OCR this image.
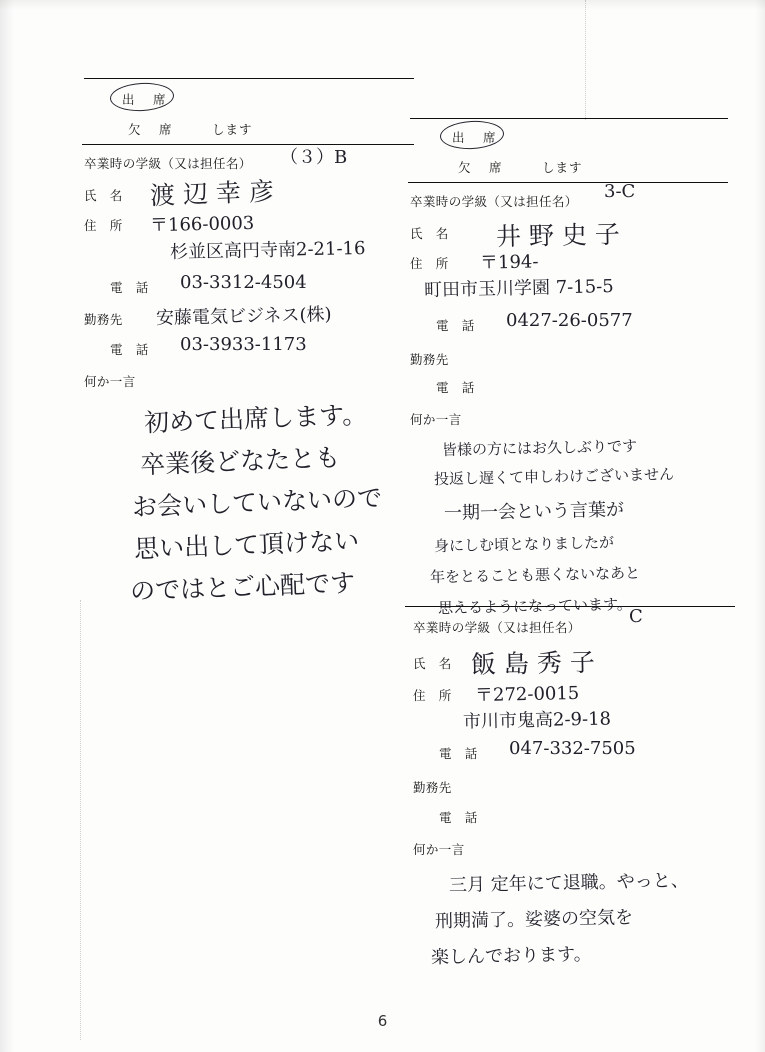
出　席
欠　席	します
卒業時の学級（又は担任名） （３）B
氏　名 渡 辺 幸 彦
住　所 〒166-0003
杉並区高円寺南2-21-16
電　話 03-3312-4504
勤務先 安藤電気ビジネス(株)
電　話 03-3933-1173
何か一言
初めて出席します。
卒業後どなたとも
お会いしていないので
思い出して頂けない
のではとご心配です
出　席
欠　席	します
卒業時の学級（又は担任名） 3-C
氏　名 井 野 史 子
住　所 〒194-
町田市玉川学園 7-15-5
電　話 0427-26-0577
勤務先
電　話
何か一言
皆様の方にはお久しぶりです
投返し遅くて申しわけございません
一期一会という言葉が
身にしむ頃となりましたが
年をとることも悪くないなあと
思えるようになっています。
卒業時の学級（又は担任名）
C
氏　名 飯 島 秀 子
住　所 〒272-0015
市川市鬼高2-9-18
電　話 047-332-7505
勤務先
電　話
何か一言
三月 定年にて退職。やっと、
刑期満了。娑婆の空気を
楽しんでおります。
6
